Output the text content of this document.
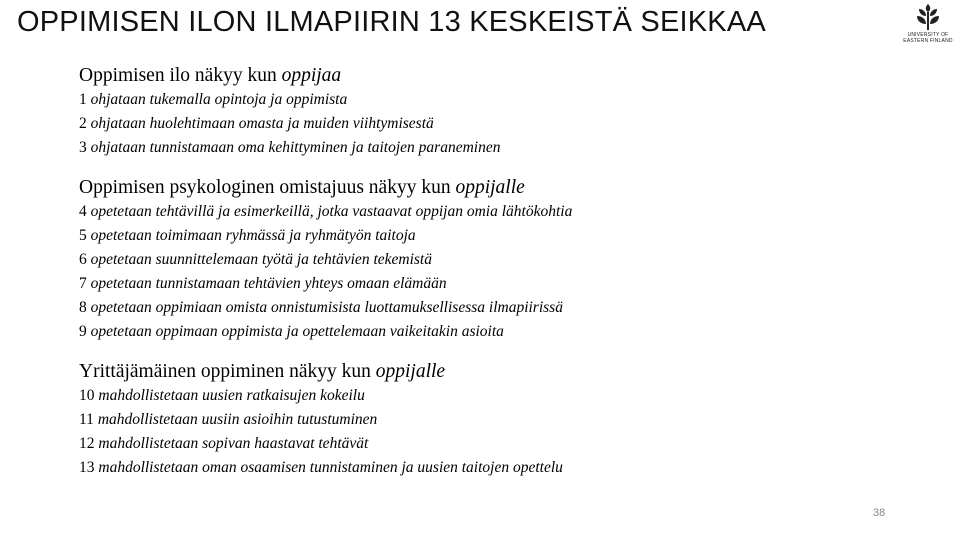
OPPIMISEN ILON ILMAPIIRIN 13 KESKEISTÄ SEIKKAA	UNIVERSITY OF
EASTERN FINLAND
Oppimisen ilo näkyy kun oppijaa
1 ohjataan tukemalla opintoja ja oppimista
2 ohjataan huolehtimaan omasta ja muiden viihtymisestä
3 ohjataan tunnistamaan oma kehittyminen ja taitojen paraneminen
Oppimisen psykologinen omistajuus näkyy kun oppijalle
4 opetetaan tehtävillä ja esimerkeillä, jotka vastaavat oppijan omia lähtökohtia
5 opetetaan toimimaan ryhmässä ja ryhmätyön taitoja
6 opetetaan suunnittelemaan työtä ja tehtävien tekemistä
7 opetetaan tunnistamaan tehtävien yhteys omaan elämään
8 opetetaan oppimiaan omista onnistumisista luottamuksellisessa ilmapiirissä
9 opetetaan oppimaan oppimista ja opettelemaan vaikeitakin asioita
Yrittäjämäinen oppiminen näkyy kun oppijalle
10 mahdollistetaan uusien ratkaisujen kokeilu
11 mahdollistetaan uusiin asioihin tutustuminen
12 mahdollistetaan sopivan haastavat tehtävät
13 mahdollistetaan oman osaamisen tunnistaminen ja uusien taitojen opettelu
38
